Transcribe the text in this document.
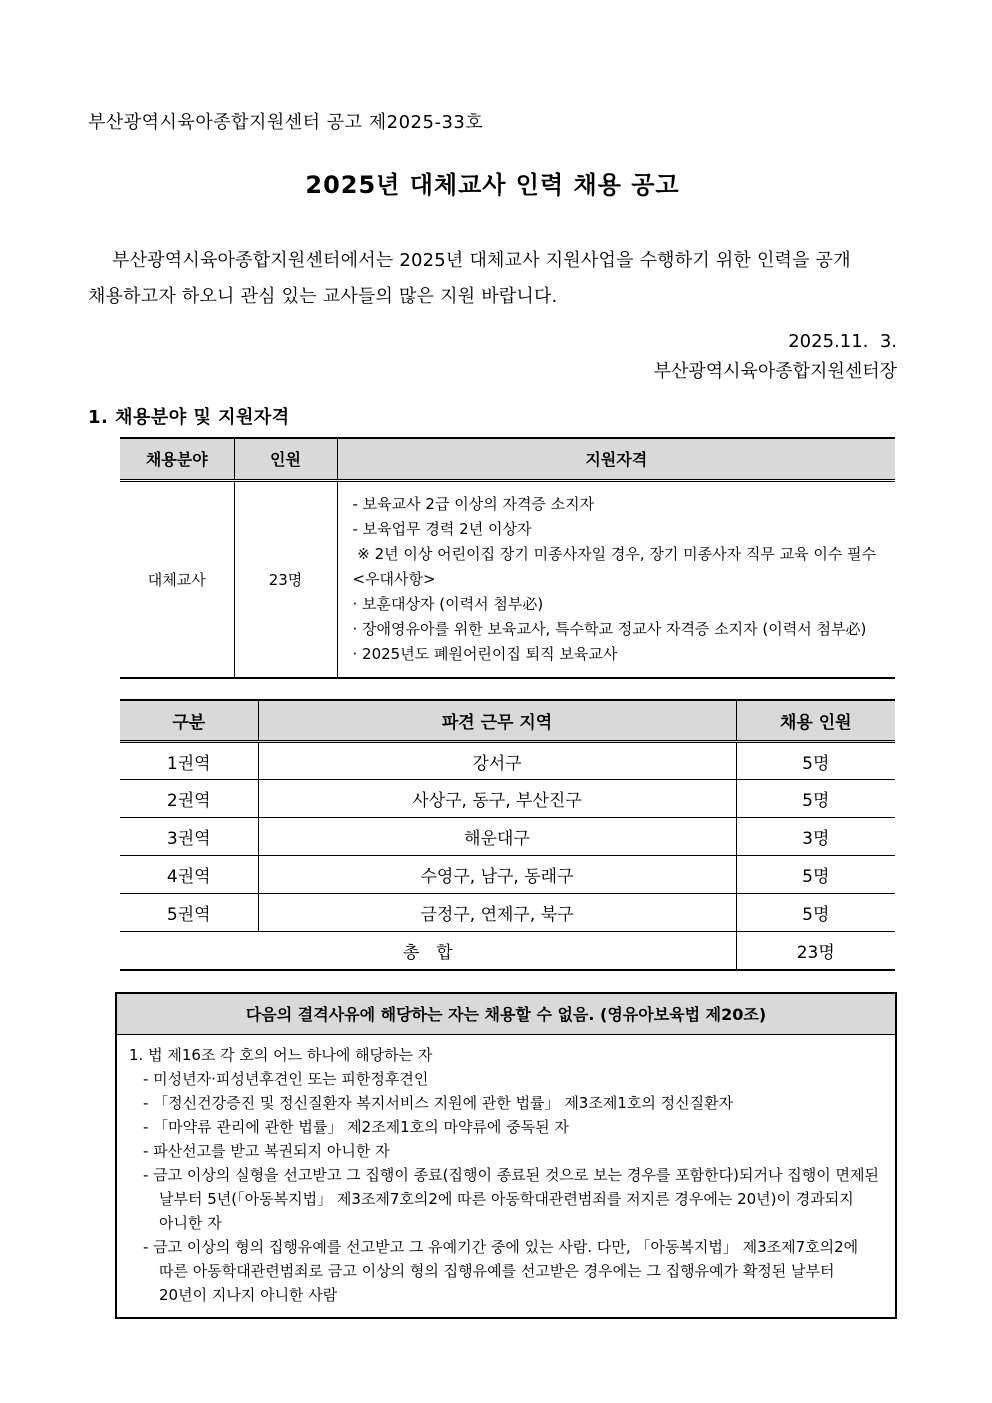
부산광역시육아종합지원센터 공고 제2025-33호
2025년 대체교사 인력 채용 공고

부산광역시육아종합지원센터에서는 2025년 대체교사 지원사업을 수행하기 위한 인력을 공개 채용하고자 하오니 관심 있는 교사들의 많은 지원 바랍니다.

2025.11.  3.
부산광역시육아종합지원센터장
1. 채용분야 및 지원자격
채용분야	인원	지원자격
대체교사	23명	
- 보육교사 2급 이상의 자격증 소지자
- 보육업무 경력 2년 이상자
※ 2년 이상 어린이집 장기 미종사자일 경우, 장기 미종사자 직무 교육 이수 필수
<우대사항>
· 보훈대상자 (이력서 첨부必)
· 장애영유아를 위한 보육교사, 특수학교 정교사 자격증 소지자 (이력서 첨부必)
· 2025년도 폐원어린이집 퇴직 보육교사
구분	파견 근무 지역	채용 인원
1권역	강서구	5명
2권역	사상구, 동구, 부산진구	5명
3권역	해운대구	3명
4권역	수영구, 남구, 동래구	5명
5권역	금정구, 연제구, 북구	5명
총　합		23명
다음의 결격사유에 해당하는 자는 채용할 수 없음. (영유아보육법 제20조)
1. 법 제16조 각 호의 어느 하나에 해당하는 자
- 미성년자·피성년후견인 또는 피한정후견인
- 「정신건강증진 및 정신질환자 복지서비스 지원에 관한 법률」 제3조제1호의 정신질환자
- 「마약류 관리에 관한 법률」 제2조제1호의 마약류에 중독된 자
- 파산선고를 받고 복권되지 아니한 자
- 금고 이상의 실형을 선고받고 그 집행이 종료(집행이 종료된 것으로 보는 경우를 포함한다)되거나 집행이 면제된 날부터 5년(「아동복지법」 제3조제7호의2에 따른 아동학대관련범죄를 저지른 경우에는 20년)이 경과되지 아니한 자
- 금고 이상의 형의 집행유예를 선고받고 그 유예기간 중에 있는 사람. 다만, 「아동복지법」 제3조제7호의2에 따른 아동학대관련범죄로 금고 이상의 형의 집행유예를 선고받은 경우에는 그 집행유예가 확정된 날부터 20년이 지나지 아니한 사람
